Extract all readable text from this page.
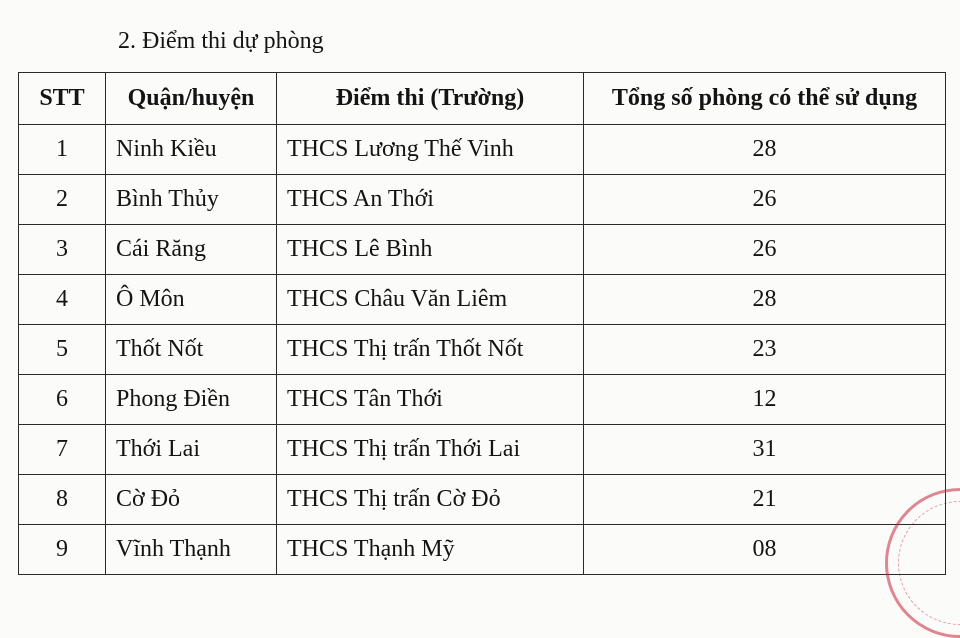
2. Điểm thi dự phòng
STT	Quận/huyện	Điểm thi (Trường)	Tổng số phòng có thể sử dụng
1	Ninh Kiều	THCS Lương Thế Vinh	28
2	Bình Thủy	THCS An Thới	26
3	Cái Răng	THCS Lê Bình	26
4	Ô Môn	THCS Châu Văn Liêm	28
5	Thốt Nốt	THCS Thị trấn Thốt Nốt	23
6	Phong Điền	THCS Tân Thới	12
7	Thới Lai	THCS Thị trấn Thới Lai	31
8	Cờ Đỏ	THCS Thị trấn Cờ Đỏ	21
9	Vĩnh Thạnh	THCS Thạnh Mỹ	08
